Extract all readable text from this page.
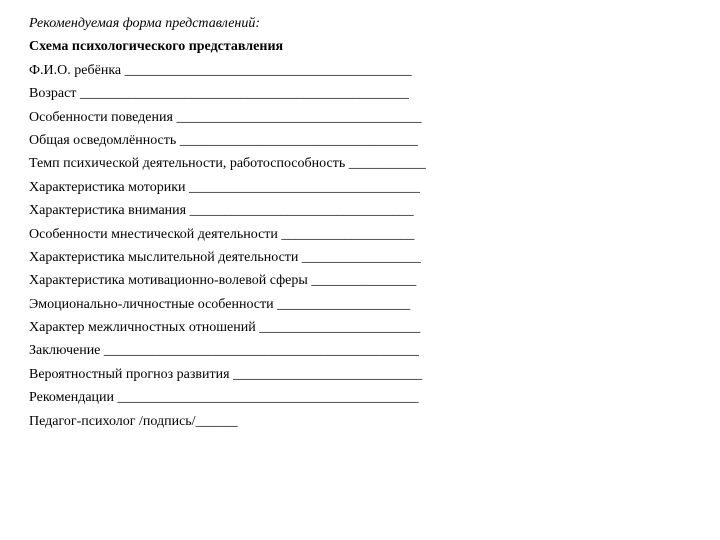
Рекомендуемая форма представлений:
Схема психологического представления
Ф.И.О. ребёнка _________________________________________
Возраст _______________________________________________
Особенности поведения ___________________________________
Общая осведомлённость __________________________________
Темп психической деятельности, работоспособность ___________
Характеристика моторики _________________________________
Характеристика внимания ________________________________
Особенности мнестической деятельности ___________________
Характеристика мыслительной деятельности _________________
Характеристика мотивационно-волевой сферы _______________
Эмоционально-личностные особенности ___________________
Характер межличностных отношений _______________________
Заключение _____________________________________________
Вероятностный прогноз развития ___________________________
Рекомендации ___________________________________________
Педагог-психолог /подпись/______
